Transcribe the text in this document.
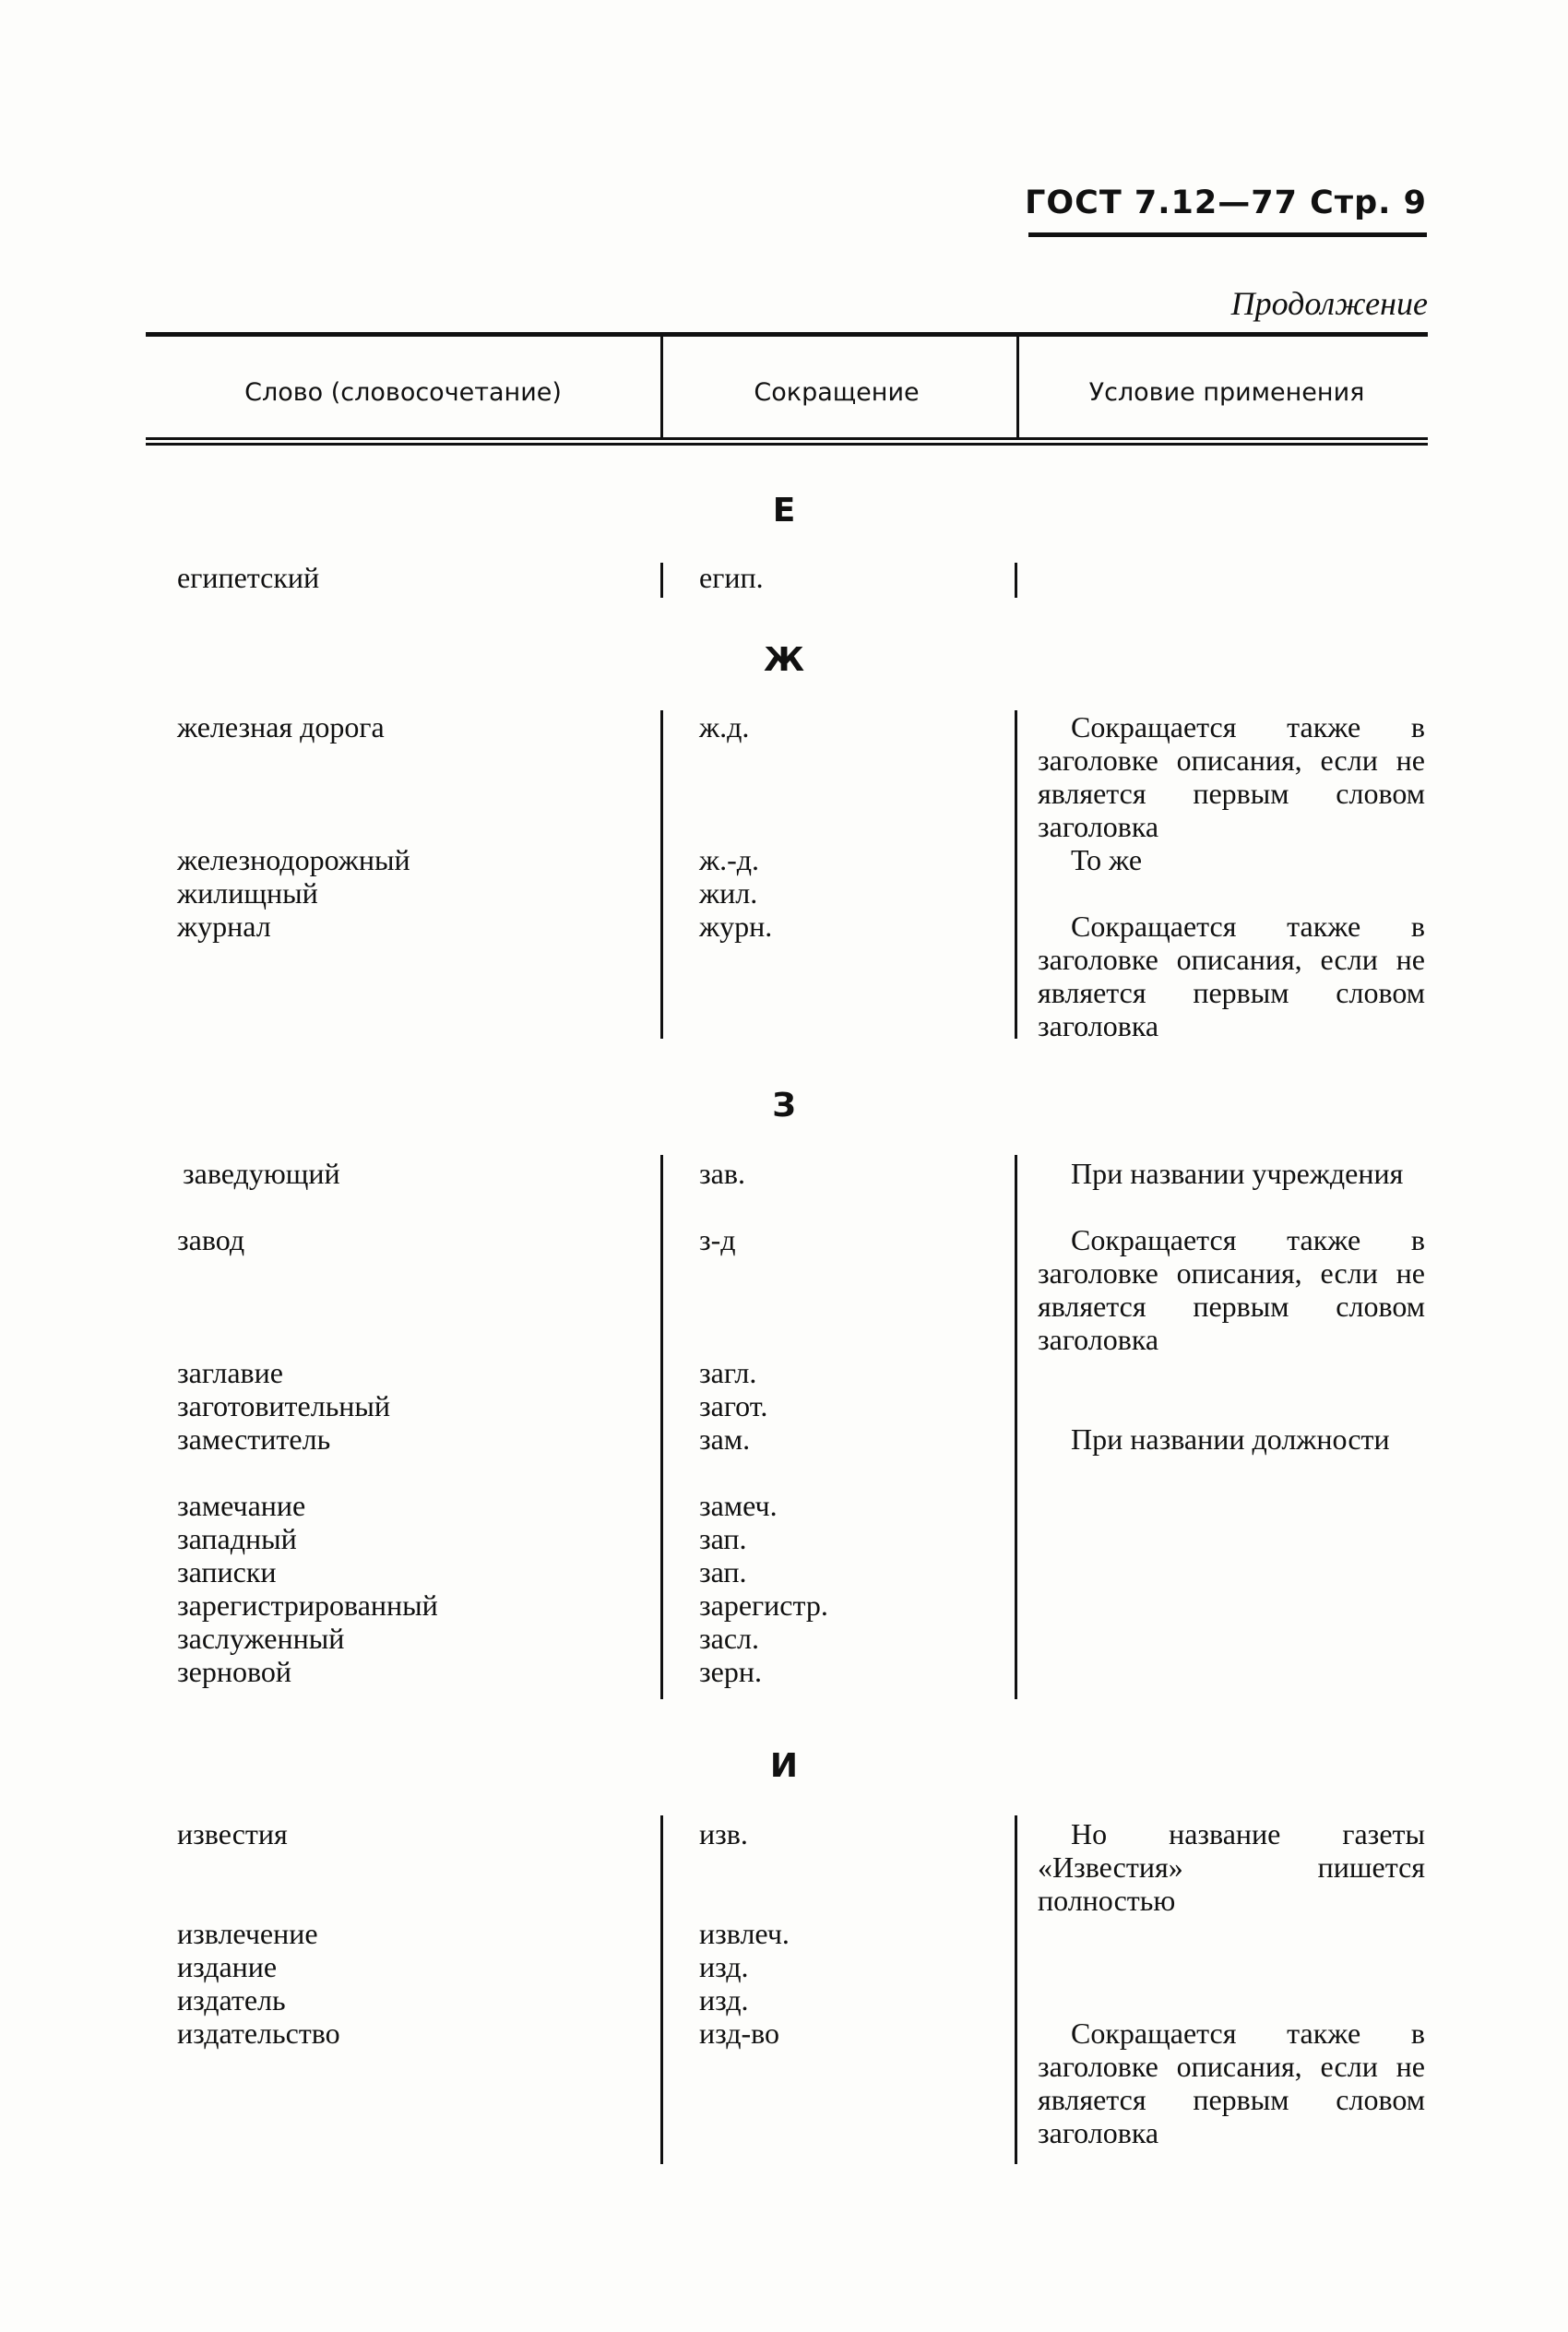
ГОСТ 7.12—77 Стр. 9
Продолжение
Слово (словосочетание)	Сокращение	Условие применения
Е
египетский	егип.
Ж
железная дорога	ж.д.	Сокращается также в заголовке описания, если не является первым словом заголовка
железнодорожный	ж.-д.	То же
жилищный	жил.
журнал	журн.	Сокращается также в заголовке описания, если не является первым словом заголовка
З
заведующий	зав.	При названии учреждения
завод	з-д	Сокращается также в заголовке описания, если не является первым словом заголовка
заглавие	загл.
заготовительный	загот.
заместитель	зам.	При названии должности
замечание	замеч.
западный	зап.
записки	зап.
зарегистрированный	зарегистр.
заслуженный	засл.
зерновой	зерн.
И
известия	изв.	Но название газеты «Известия» пишется полностью
извлечение	извлеч.
издание	изд.
издатель	изд.
издательство	изд-во	Сокращается также в заголовке описания, если не является первым словом заголовка
